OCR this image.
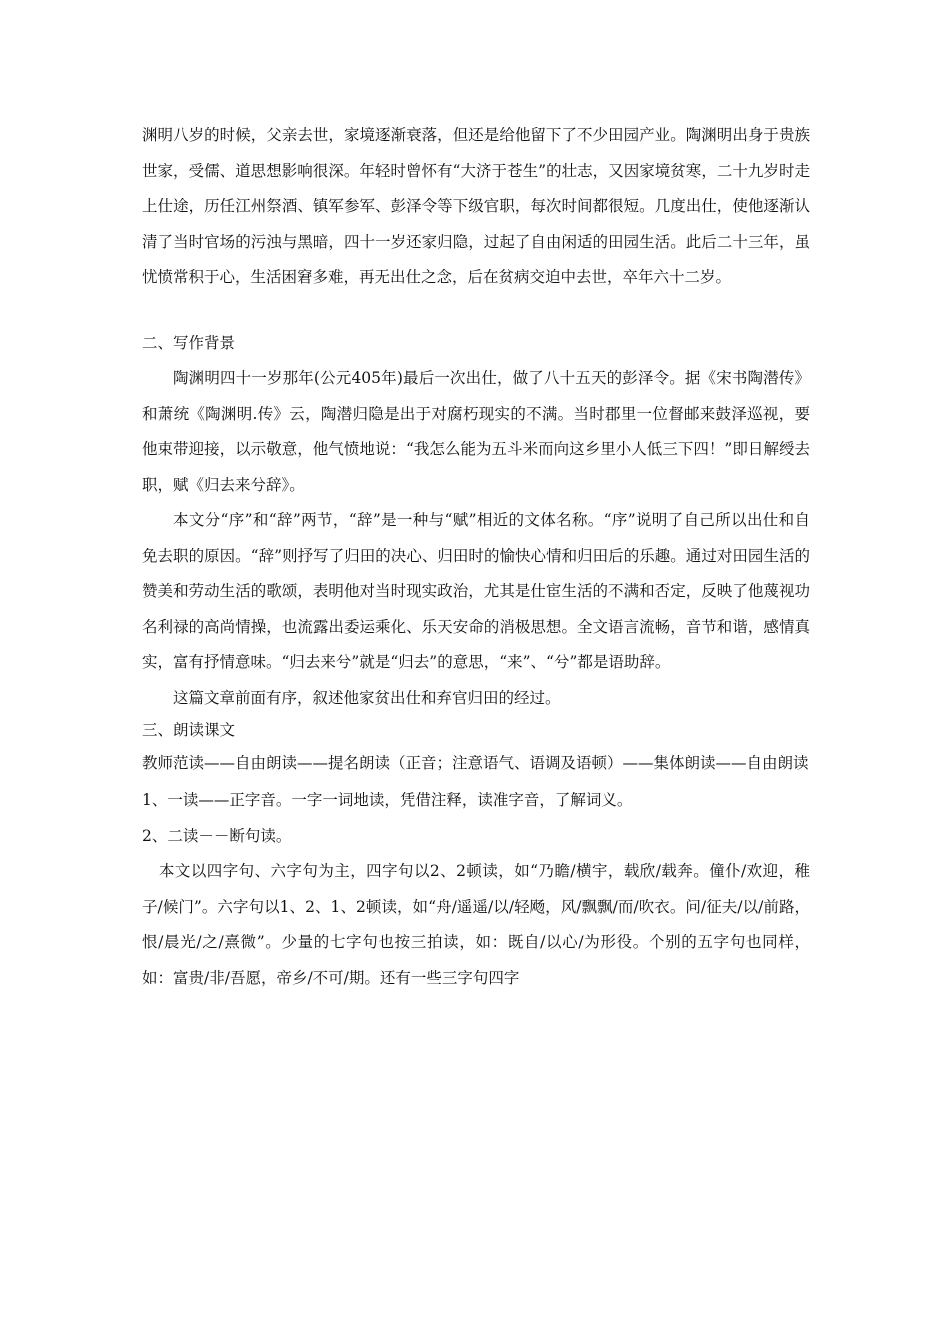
渊明八岁的时候，父亲去世，家境逐渐衰落，但还是给他留下了不少田园产业。陶渊明出身于贵族世家，受儒、道思想影响很深。年轻时曾怀有“大济于苍生”的壮志，又因家境贫寒，二十九岁时走上仕途，历任江州祭酒、镇军参军、彭泽令等下级官职，每次时间都很短。几度出仕，使他逐渐认清了当时官场的污浊与黑暗，四十一岁还家归隐，过起了自由闲适的田园生活。此后二十三年，虽忧愤常积于心，生活困窘多难，再无出仕之念，后在贫病交迫中去世，卒年六十二岁。

二、写作背景

陶渊明四十一岁那年(公元405年)最后一次出仕，做了八十五天的彭泽令。据《宋书陶潜传》和萧统《陶渊明.传》云，陶潜归隐是出于对腐朽现实的不满。当时郡里一位督邮来鼓泽巡视，要他束带迎接，以示敬意，他气愤地说：“我怎么能为五斗米而向这乡里小人低三下四！”即日解绶去职，赋《归去来兮辞》。

本文分“序”和“辞”两节，“辞”是一种与“赋”相近的文体名称。“序”说明了自己所以出仕和自免去职的原因。“辞”则抒写了归田的决心、归田时的愉快心情和归田后的乐趣。通过对田园生活的赞美和劳动生活的歌颂，表明他对当时现实政治，尤其是仕宦生活的不满和否定，反映了他蔑视功名利禄的高尚情操，也流露出委运乘化、乐天安命的消极思想。全文语言流畅，音节和谐，感情真实，富有抒情意味。“归去来兮”就是“归去”的意思，“来”、“兮”都是语助辞。

这篇文章前面有序，叙述他家贫出仕和弃官归田的经过。

三、朗读课文

教师范读——自由朗读——提名朗读（正音；注意语气、语调及语顿）——集体朗读——自由朗读

1、一读——正字音。一字一词地读，凭借注释，读准字音，了解词义。

2、二读－－断句读。

本文以四字句、六字句为主，四字句以2、2顿读，如“乃瞻/横宇，载欣/载奔。僮仆/欢迎，稚子/候门”。六字句以1、2、1、2顿读，如“舟/遥遥/以/轻飏，风/飘飘/而/吹衣。问/征夫/以/前路，恨/晨光/之/熹微”。少量的七字句也按三拍读，如：既自/以心/为形役。个别的五字句也同样，如：富贵/非/吾愿，帝乡/不可/期。还有一些三字句四字
